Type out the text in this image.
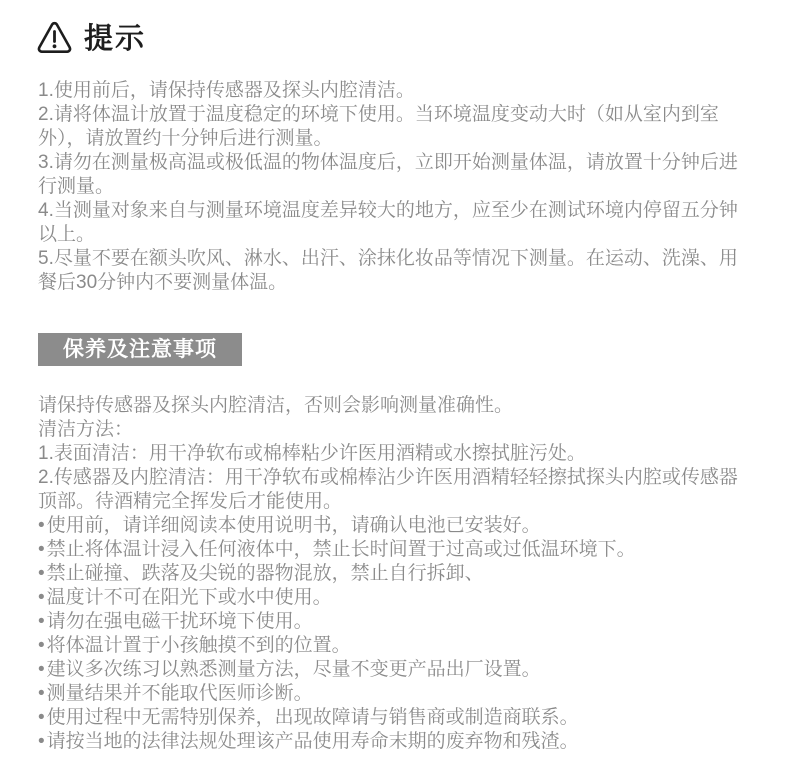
提示

1.使用前后，请保持传感器及探头内腔清洁。

2.请将体温计放置于温度稳定的环境下使用。当环境温度变动大时（如从室内到室外），请放置约十分钟后进行测量。

3.请勿在测量极高温或极低温的物体温度后，立即开始测量体温，请放置十分钟后进行测量。

4.当测量对象来自与测量环境温度差异较大的地方，应至少在测试环境内停留五分钟以上。

5.尽量不要在额头吹风、淋水、出汗、涂抹化妆品等情况下测量。在运动、洗澡、用餐后30分钟内不要测量体温。

保养及注意事项

请保持传感器及探头内腔清洁，否则会影响测量准确性。

清洁方法：

1.表面清洁：用干净软布或棉棒粘少许医用酒精或水擦拭脏污处。

2.传感器及内腔清洁：用干净软布或棉棒沾少许医用酒精轻轻擦拭探头内腔或传感器顶部。待酒精完全挥发后才能使用。

• 使用前，请详细阅读本使用说明书，请确认电池已安装好。

• 禁止将体温计浸入任何液体中，禁止长时间置于过高或过低温环境下。

• 禁止碰撞、跌落及尖锐的器物混放，禁止自行拆卸、

• 温度计不可在阳光下或水中使用。

• 请勿在强电磁干扰环境下使用。

• 将体温计置于小孩触摸不到的位置。

• 建议多次练习以熟悉测量方法，尽量不变更产品出厂设置。

• 测量结果并不能取代医师诊断。

• 使用过程中无需特别保养，出现故障请与销售商或制造商联系。

• 请按当地的法律法规处理该产品使用寿命末期的废弃物和残渣。
